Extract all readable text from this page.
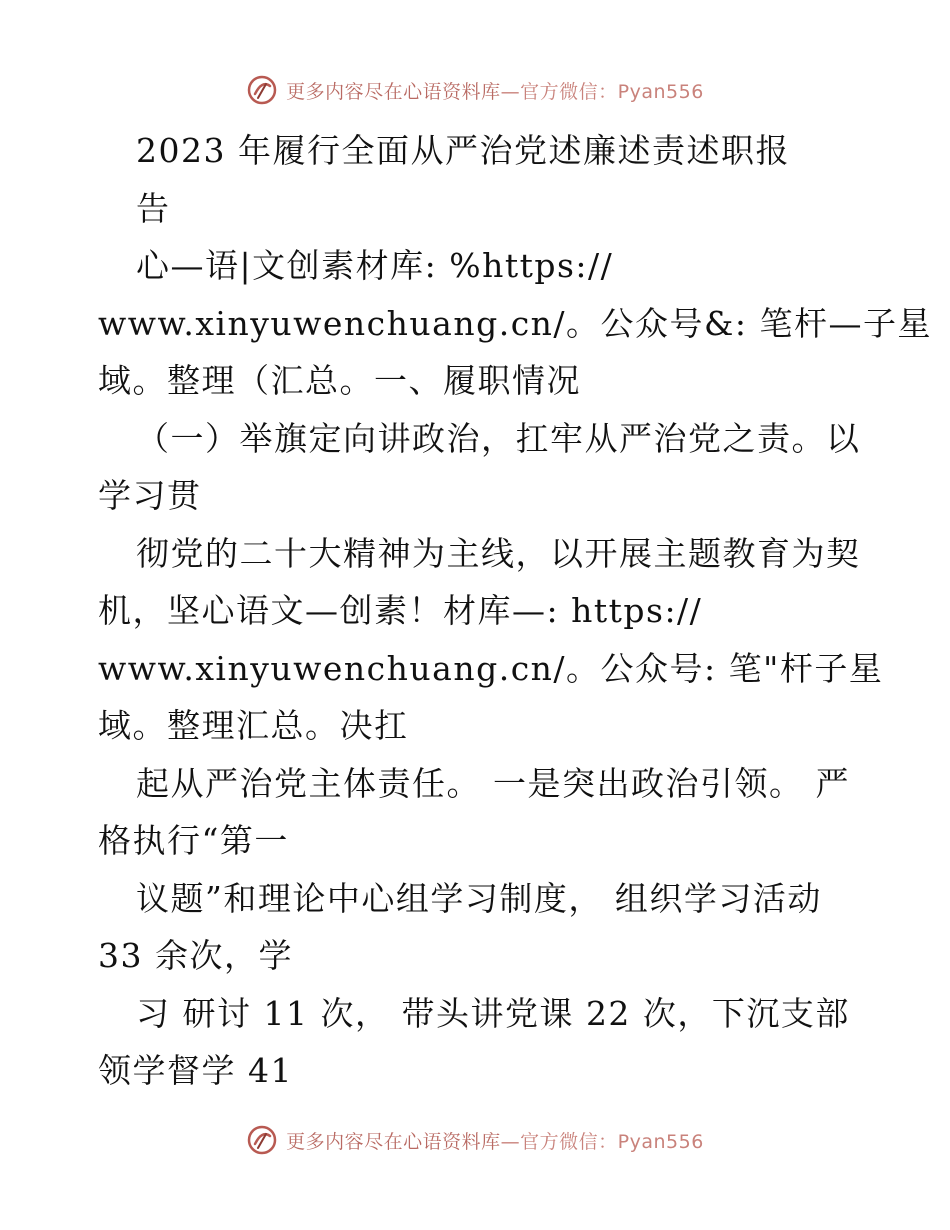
更多内容尽在心语资料库—官方微信：Pyan556
2023 年履行全面从严治党述廉述责述职报
告
心—语|文创素材库: %https://
www.xinyuwenchuang.cn/。公众号&: 笔杆—子星
域。整理（汇总。一、履职情况
（一）举旗定向讲政治，扛牢从严治党之责。以
学习贯
彻党的二十大精神为主线，以开展主题教育为契
机，坚心语文—创素！材库—: https://
www.xinyuwenchuang.cn/。公众号: 笔"杆子星
域。整理汇总。决扛
起从严治党主体责任。 一是突出政治引领。 严
格执行“第一
议题”和理论中心组学习制度， 组织学习活动
33 余次，学
习 研讨 11 次， 带头讲党课 22 次，下沉支部
领学督学 41
更多内容尽在心语资料库—官方微信：Pyan556
